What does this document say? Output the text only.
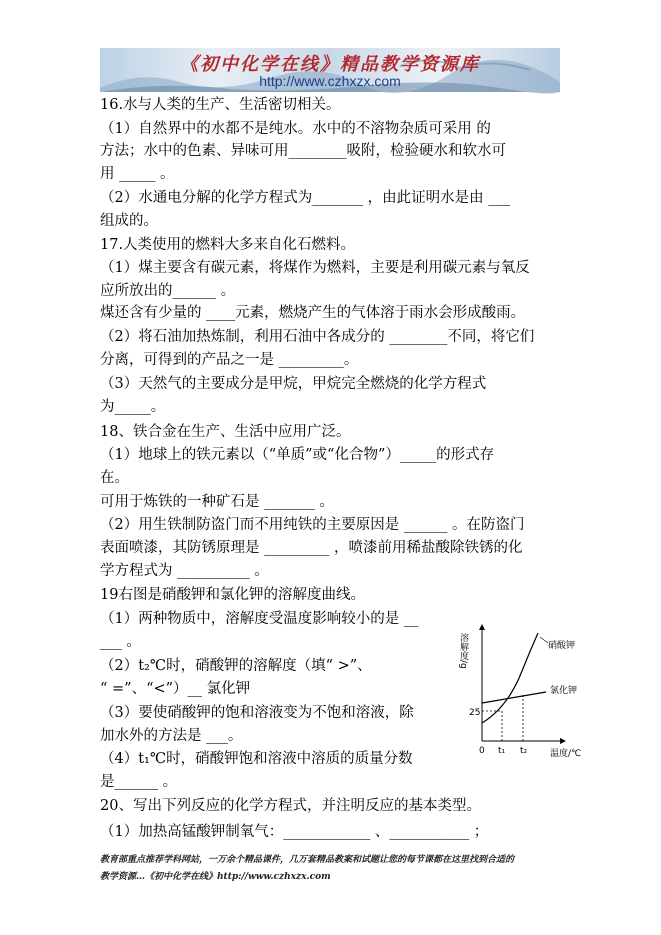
《初中化学在线》精品教学资源库
http://www.czhxzx.com
16.水与人类的生产、生活密切相关。
（1）自然界中的水都不是纯水。水中的不溶物杂质可采用 的
方法；水中的色素、异味可用________吸附，检验硬水和软水可
用 _____ 。
（2）水通电分解的化学方程式为_______ ，由此证明水是由 ___
组成的。
17.人类使用的燃料大多来自化石燃料。
（1）煤主要含有碳元素，将煤作为燃料，主要是利用碳元素与氧反
应所放出的______ 。
煤还含有少量的 ____元素，燃烧产生的气体溶于雨水会形成酸雨。
（2）将石油加热炼制，利用石油中各成分的 ________不同，将它们
分离，可得到的产品之一是 _________。
（3）天然气的主要成分是甲烷，甲烷完全燃烧的化学方程式
为_____。
18、铁合金在生产、生活中应用广泛。
（1）地球上的铁元素以（“单质”或“化合物”）_____的形式存
在。
可用于炼铁的一种矿石是 _______ 。
（2）用生铁制防盗门而不用纯铁的主要原因是 ______ 。在防盗门
表面喷漆，其防锈原理是 _________ ，喷漆前用稀盐酸除铁锈的化
学方程式为 __________ 。
19右图是硝酸钾和氯化钾的溶解度曲线。
（1）两种物质中，溶解度受温度影响较小的是 __
___ 。
（2）t₂℃时，硝酸钾的溶解度（填“ >”、
“ =”、“<”）__ 氯化钾
（3）要使硝酸钾的饱和溶液变为不饱和溶液，除
加水外的方法是 ___。
（4）t₁℃时，硝酸钾饱和溶液中溶质的质量分数
是______ 。
20、写出下列反应的化学方程式，并注明反应的基本类型。
（1）加热高锰酸钾制氧气：____________ 、___________ ；
溶解度/g
温度/℃
25
0 t₁ t₂
硝酸钾
氯化钾
教育部重点推荐学科网站，一万余个精品课件，几万套精品教案和试题让您的每节课都在这里找到合适的
教学资源…《初中化学在线》http://www.czhxzx.com
